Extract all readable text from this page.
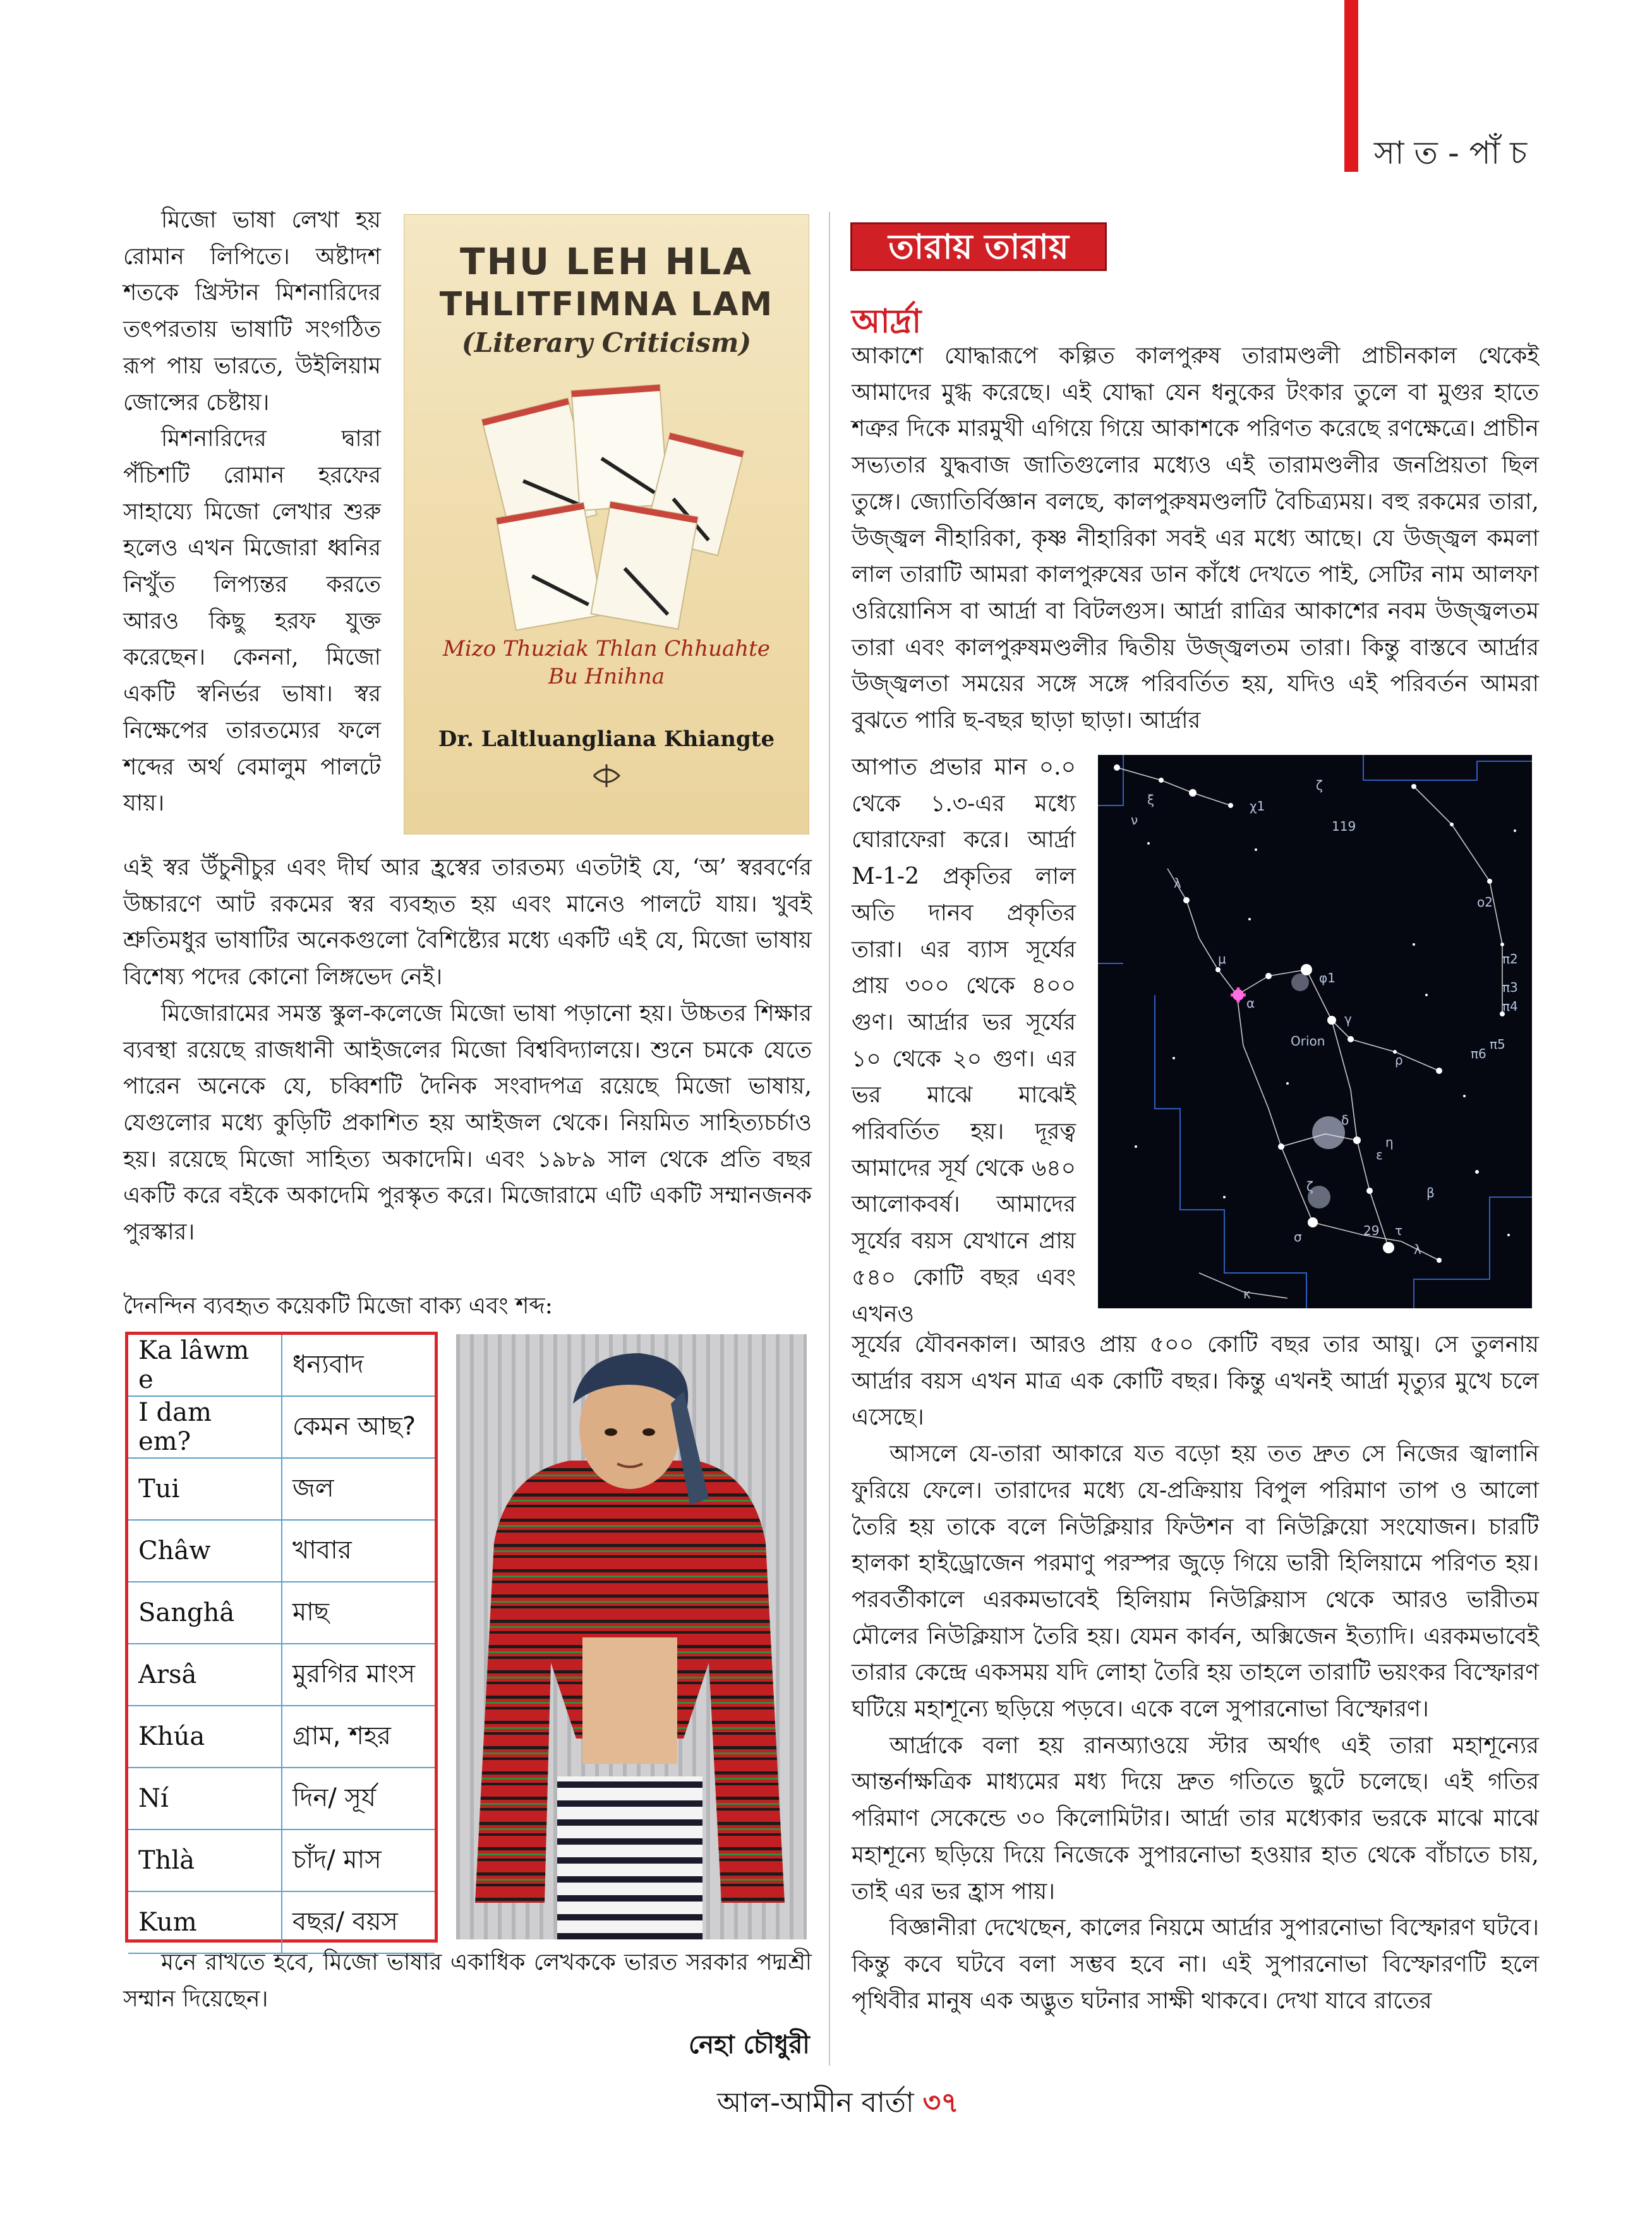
সা ত - পাঁ চ

মিজো ভাষা লেখা হয় রোমান লিপিতে। অষ্টাদশ শতকে খ্রিস্টান মিশনারিদের তৎপরতায় ভাষাটি সংগঠিত রূপ পায় ভারতে, উইলিয়াম জোন্সের চেষ্টায়।

মিশনারিদের দ্বারা পঁচিশটি রোমান হরফের সাহায্যে মিজো লেখার শুরু হলেও এখন মিজোরা ধ্বনির নিখুঁত লিপ্যন্তর করতে আরও কিছু হরফ যুক্ত করেছেন। কেননা, মিজো একটি স্বনির্ভর ভাষা। স্বর নিক্ষেপের তারতম্যের ফলে শব্দের অর্থ বেমালুম পালটে যায়।

THU LEH HLA
THLITFIMNA LAM
(Literary Criticism)
Mizo Thuziak Thlan Chhuahte
Bu Hnihna
Dr. Laltluangliana Khiangte

এই স্বর উঁচুনীচুর এবং দীর্ঘ আর হ্রস্বের তারতম্য এতটাই যে, ‘অ’ স্বরবর্ণের উচ্চারণে আট রকমের স্বর ব্যবহৃত হয় এবং মানেও পালটে যায়। খুবই শ্রুতিমধুর ভাষাটির অনেকগুলো বৈশিষ্ট্যের মধ্যে একটি এই যে, মিজো ভাষায় বিশেষ্য পদের কোনো লিঙ্গভেদ নেই।

মিজোরামের সমস্ত স্কুল-কলেজে মিজো ভাষা পড়ানো হয়। উচ্চতর শিক্ষার ব্যবস্থা রয়েছে রাজধানী আইজলের মিজো বিশ্ববিদ্যালয়ে। শুনে চমকে যেতে পারেন অনেকে যে, চব্বিশটি দৈনিক সংবাদপত্র রয়েছে মিজো ভাষায়, যেগুলোর মধ্যে কুড়িটি প্রকাশিত হয় আইজল থেকে। নিয়মিত সাহিত্যচর্চাও হয়। রয়েছে মিজো সাহিত্য অকাদেমি। এবং ১৯৮৯ সাল থেকে প্রতি বছর একটি করে বইকে অকাদেমি পুরস্কৃত করে। মিজোরামে এটি একটি সম্মানজনক পুরস্কার।

দৈনন্দিন ব্যবহৃত কয়েকটি মিজো বাক্য এবং শব্দ:
Ka lâwm e	ধন্যবাদ
I dam em?	কেমন আছ?
Tui	জল
Châw	খাবার
Sanghâ	মাছ
Arsâ	মুরগির মাংস
Khúa	গ্রাম, শহর
Ní	দিন/ সূর্য
Thlà	চাঁদ/ মাস
Kum	বছর/ বয়স

মনে রাখতে হবে, মিজো ভাষার একাধিক লেখককে ভারত সরকার পদ্মশ্রী সম্মান দিয়েছেন।

নেহা চৌধুরী
তারায় তারায়
আর্দ্রা

আকাশে যোদ্ধারূপে কল্পিত কালপুরুষ তারামণ্ডলী প্রাচীনকাল থেকেই আমাদের মুগ্ধ করেছে। এই যোদ্ধা যেন ধনুকের টংকার তুলে বা মুগুর হাতে শত্রুর দিকে মারমুখী এগিয়ে গিয়ে আকাশকে পরিণত করেছে রণক্ষেত্রে। প্রাচীন সভ্যতার যুদ্ধবাজ জাতিগুলোর মধ্যেও এই তারামণ্ডলীর জনপ্রিয়তা ছিল তুঙ্গে। জ্যোতির্বিজ্ঞান বলছে, কালপুরুষমণ্ডলটি বৈচিত্র্যময়। বহু রকমের তারা, উজ্জ্বল নীহারিকা, কৃষ্ণ নীহারিকা সবই এর মধ্যে আছে। যে উজ্জ্বল কমলা লাল তারাটি আমরা কালপুরুষের ডান কাঁধে দেখতে পাই, সেটির নাম আলফা ওরিয়োনিস বা আর্দ্রা বা বিটলগুস। আর্দ্রা রাত্রির আকাশের নবম উজ্জ্বলতম তারা এবং কালপুরুষমণ্ডলীর দ্বিতীয় উজ্জ্বলতম তারা। কিন্তু বাস্তবে আর্দ্রার উজ্জ্বলতা সময়ের সঙ্গে সঙ্গে পরিবর্তিত হয়, যদিও এই পরিবর্তন আমরা বুঝতে পারি ছ-বছর ছাড়া ছাড়া। আর্দ্রার

আপাত প্রভার মান ০.০ থেকে ১.৩-এর মধ্যে ঘোরাফেরা করে। আর্দ্রা M-1-2 প্রকৃতির লাল অতি দানব প্রকৃতির তারা। এর ব্যাস সূর্যের প্রায় ৩০০ থেকে ৪০০ গুণ। আর্দ্রার ভর সূর্যের ১০ থেকে ২০ গুণ। এর ভর মাঝে মাঝেই পরিবর্তিত হয়। দূরত্ব আমাদের সূর্য থেকে ৬৪০ আলোকবর্ষ। আমাদের সূর্যের বয়স যেখানে প্রায় ৫৪০ কোটি বছর এবং এখনও

ν
ξ	χ1
119
ζ
μ
α
φ1
λ
γ
π2
π3
π4
π5
π6
ο2
Orion
ρ
δ
ε
ζ
η
κ
β
τ
λ
29
σ

সূর্যের যৌবনকাল। আরও প্রায় ৫০০ কোটি বছর তার আয়ু। সে তুলনায় আর্দ্রার বয়স এখন মাত্র এক কোটি বছর। কিন্তু এখনই আর্দ্রা মৃত্যুর মুখে চলে এসেছে।

আসলে যে-তারা আকারে যত বড়ো হয় তত দ্রুত সে নিজের জ্বালানি ফুরিয়ে ফেলে। তারাদের মধ্যে যে-প্রক্রিয়ায় বিপুল পরিমাণ তাপ ও আলো তৈরি হয় তাকে বলে নিউক্লিয়ার ফিউশন বা নিউক্লিয়ো সংযোজন। চারটি হালকা হাইড্রোজেন পরমাণু পরস্পর জুড়ে গিয়ে ভারী হিলিয়ামে পরিণত হয়। পরবর্তীকালে এরকমভাবেই হিলিয়াম নিউক্লিয়াস থেকে আরও ভারীতম মৌলের নিউক্লিয়াস তৈরি হয়। যেমন কার্বন, অক্সিজেন ইত্যাদি। এরকমভাবেই তারার কেন্দ্রে একসময় যদি লোহা তৈরি হয় তাহলে তারাটি ভয়ংকর বিস্ফোরণ ঘটিয়ে মহাশূন্যে ছড়িয়ে পড়বে। একে বলে সুপারনোভা বিস্ফোরণ।

আর্দ্রাকে বলা হয় রানঅ্যাওয়ে স্টার অর্থাৎ এই তারা মহাশূন্যের আন্তর্নাক্ষত্রিক মাধ্যমের মধ্য দিয়ে দ্রুত গতিতে ছুটে চলেছে। এই গতির পরিমাণ সেকেন্ডে ৩০ কিলোমিটার। আর্দ্রা তার মধ্যেকার ভরকে মাঝে মাঝে মহাশূন্যে ছড়িয়ে দিয়ে নিজেকে সুপারনোভা হওয়ার হাত থেকে বাঁচাতে চায়, তাই এর ভর হ্রাস পায়।

বিজ্ঞানীরা দেখেছেন, কালের নিয়মে আর্দ্রার সুপারনোভা বিস্ফোরণ ঘটবে। কিন্তু কবে ঘটবে বলা সম্ভব হবে না। এই সুপারনোভা বিস্ফোরণটি হলে পৃথিবীর মানুষ এক অদ্ভুত ঘটনার সাক্ষী থাকবে। দেখা যাবে রাতের

আল-আমীন বার্তা ৩৭
